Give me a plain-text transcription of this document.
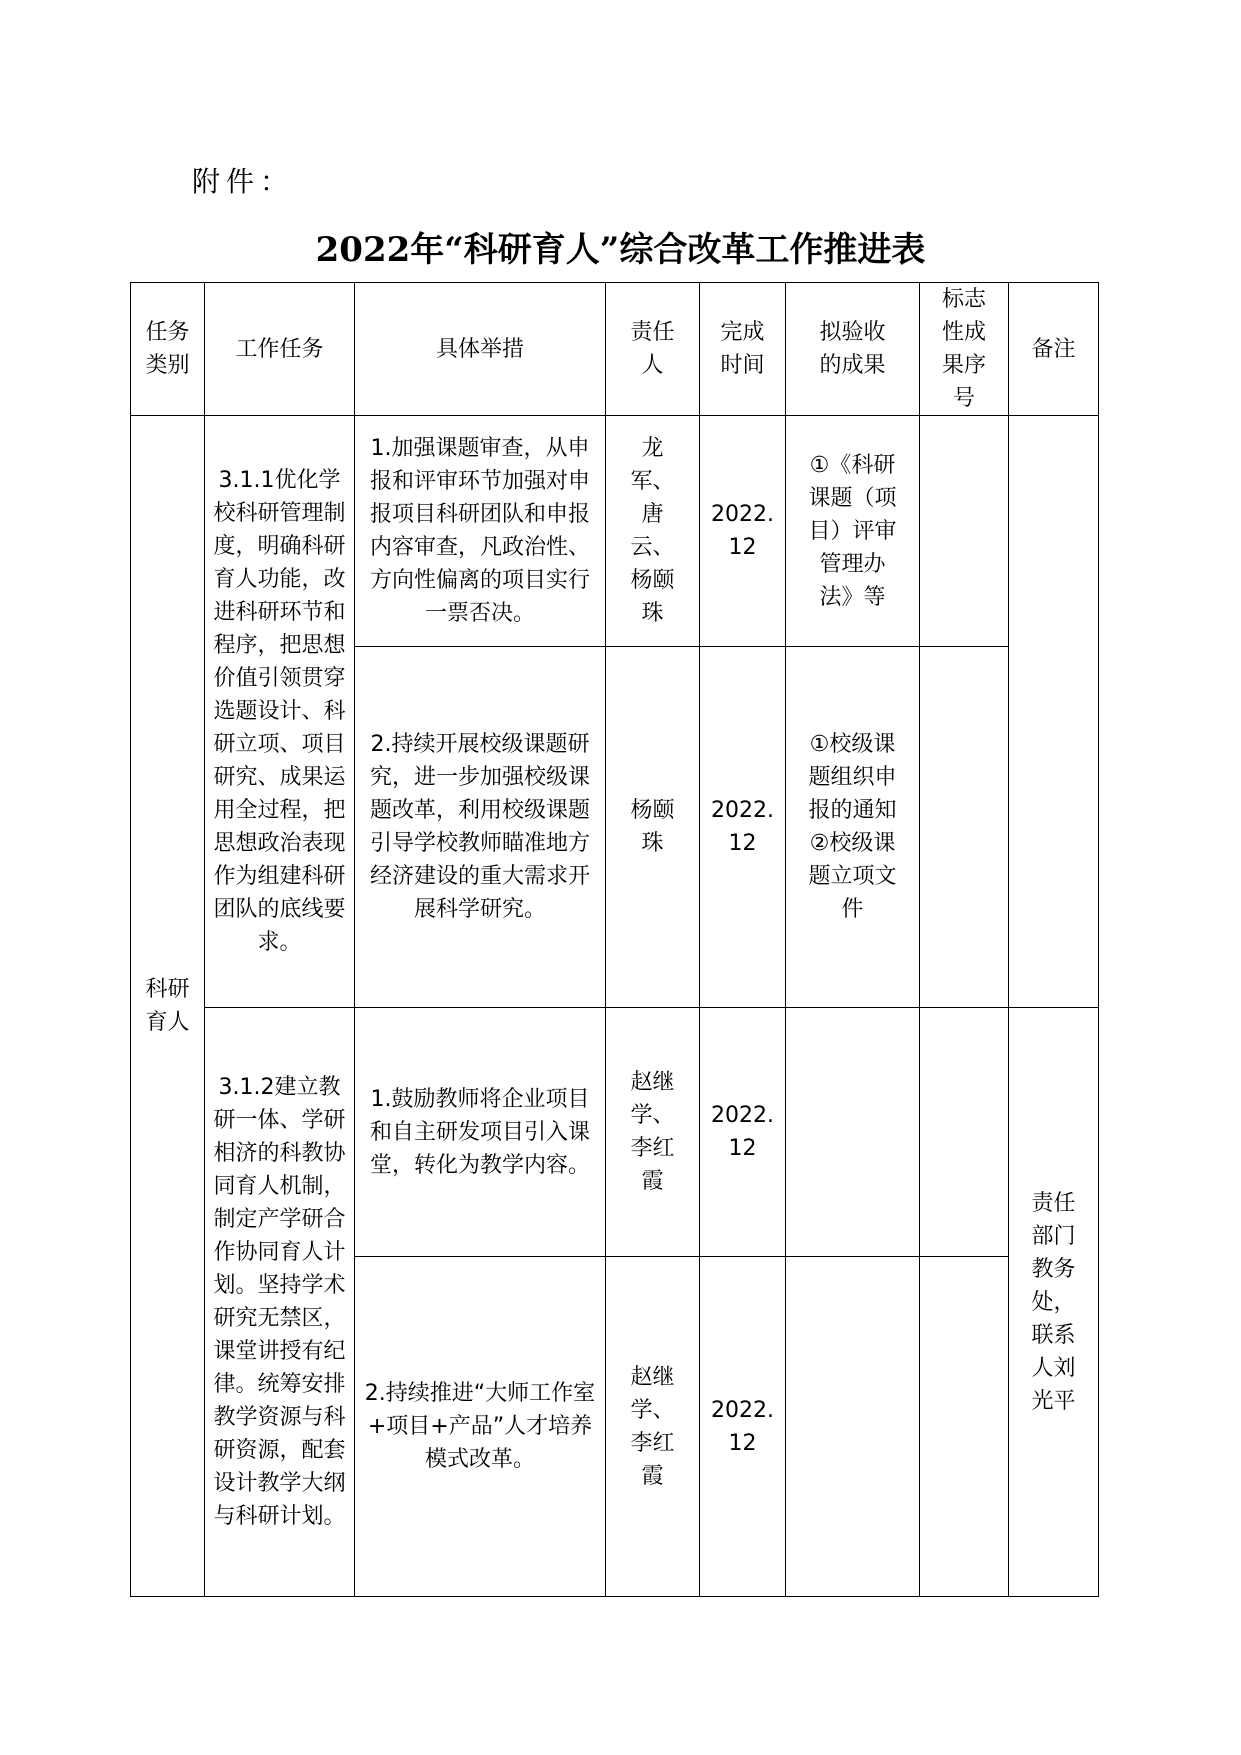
附件：
2022年“科研育人”综合改革工作推进表
任务类别	工作任务	具体举措	责任人	完成时间	拟验收的成果	标志性成果序号	备注

科研育人	3.1.1优化学校科研管理制度，明确科研育人功能，改进科研环节和程序，把思想价值引领贯穿选题设计、科研立项、项目研究、成果运用全过程，把思想政治表现作为组建科研团队的底线要求。	1.加强课题审查，从申报和评审环节加强对申报项目科研团队和申报内容审查，凡政治性、方向性偏离的项目实行一票否决。	龙军、唐云、杨颐珠	2022.12	①《科研课题（项目）评审管理办法》等		

		2.持续开展校级课题研究，进一步加强校级课题改革，利用校级课题引导学校教师瞄准地方经济建设的重大需求开展科学研究。	杨颐珠	2022.12	①校级课题组织申报的通知②校级课题立项文件		

	3.1.2建立教研一体、学研相济的科教协同育人机制，制定产学研合作协同育人计划。坚持学术研究无禁区，课堂讲授有纪律。统筹安排教学资源与科研资源，配套设计教学大纲与科研计划。	1.鼓励教师将企业项目和自主研发项目引入课堂，转化为教学内容。	赵继学、李红霞	2022.12			责任部门教务处，联系人刘光平

		2.持续推进“大师工作室+项目+产品”人才培养模式改革。	赵继学、李红霞	2022.12			
